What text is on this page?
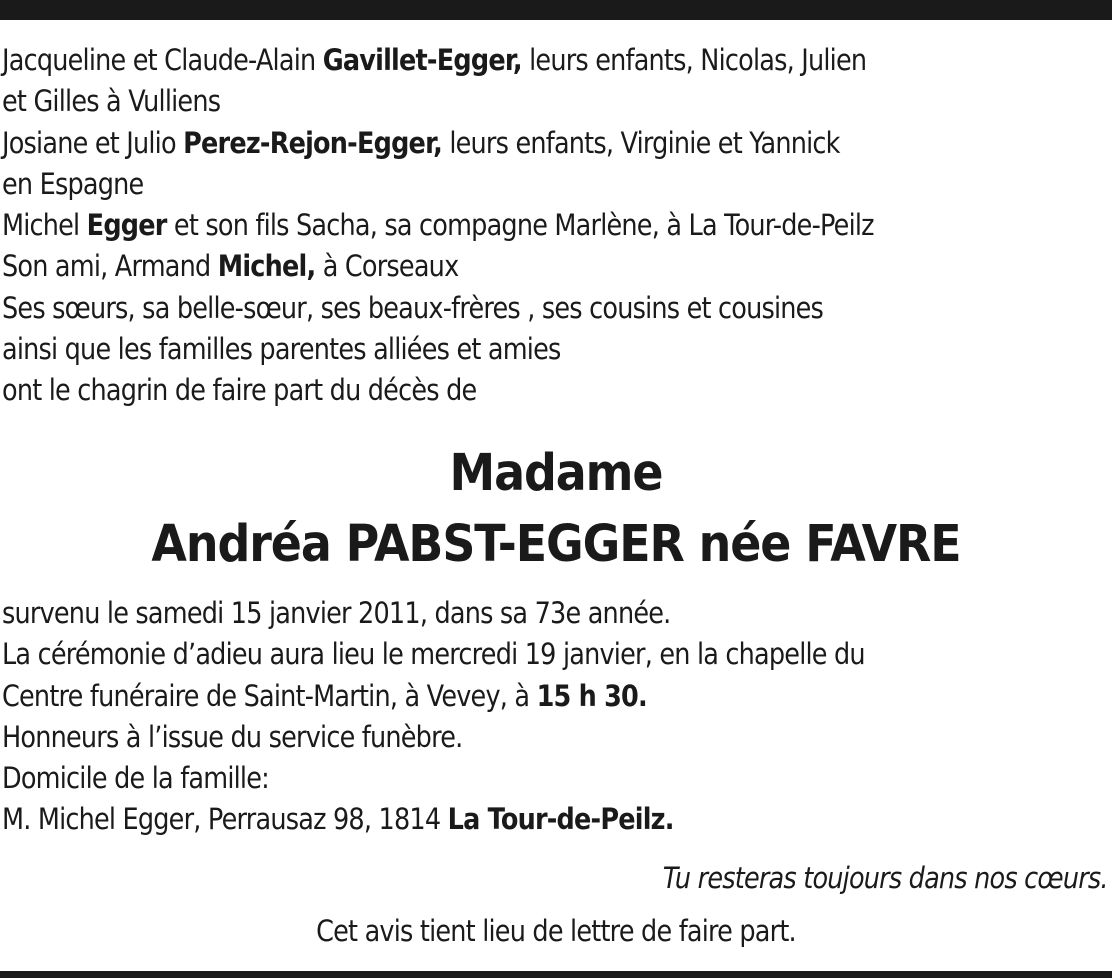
Jacqueline et Claude-Alain Gavillet-Egger, leurs enfants, Nicolas, Julien
et Gilles à Vulliens
Josiane et Julio Perez-Rejon-Egger, leurs enfants, Virginie et Yannick
en Espagne
Michel Egger et son fils Sacha, sa compagne Marlène, à La Tour-de-Peilz
Son ami, Armand Michel, à Corseaux
Ses sœurs, sa belle-sœur, ses beaux-frères , ses cousins et cousines
ainsi que les familles parentes alliées et amies
ont le chagrin de faire part du décès de
Madame
Andréa PABST-EGGER née FAVRE
survenu le samedi 15 janvier 2011, dans sa 73e année.
La cérémonie d’adieu aura lieu le mercredi 19 janvier, en la chapelle du
Centre funéraire de Saint-Martin, à Vevey, à 15 h 30.
Honneurs à l’issue du service funèbre.
Domicile de la famille:
M. Michel Egger, Perrausaz 98, 1814 La Tour-de-Peilz.
Tu resteras toujours dans nos cœurs.
Cet avis tient lieu de lettre de faire part.
